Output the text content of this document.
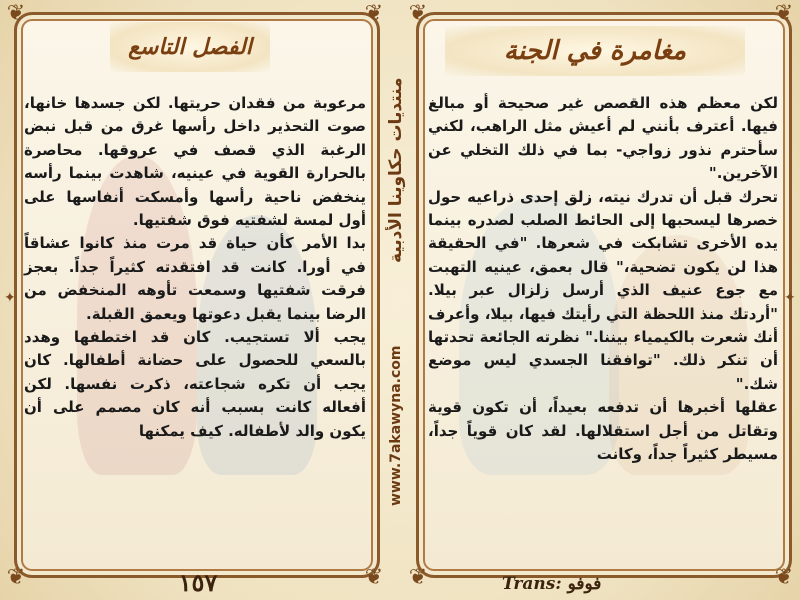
❦	❦
❦	❦
❦	❦
❦	❦
✦	✦
الفصل التاسع	مغامرة في الجنة

مرعوبة من فقدان حريتها. لكن جسدها خانها، صوت التحذير داخل رأسها غرق من قبل نبض الرغبة الذي قصف في عروقها. محاصرة بالحرارة القوية في عينيه، شاهدت بينما رأسه ينخفض ناحية رأسها وأمسكت أنفاسها على أول لمسة لشفتيه فوق شفتيها.

بدا الأمر كأن حياة قد مرت منذ كانوا عشاقاً في أورا. كانت قد افتقدته كثيراً جداً. بعجز فرقت شفتيها وسمعت تأوهه المنخفض من الرضا بينما يقبل دعوتها ويعمق القبلة.

يجب ألا تستجيب. كان قد اختطفها وهدد بالسعي للحصول على حضانة أطفالها. كان يجب أن تكره شجاعته، ذكرت نفسها. لكن أفعاله كانت بسبب أنه كان مصمم على أن يكون والد لأطفاله. كيف يمكنها

لكن معظم هذه القصص غير صحيحة أو مبالغ فيها. أعترف بأنني لم أعيش مثل الراهب، لكني سأحترم نذور زواجي- بما في ذلك التخلي عن الآخرين."

تحرك قبل أن تدرك نيته، زلق إحدى ذراعيه حول خصرها ليسحبها إلى الحائط الصلب لصدره بينما يده الأخرى تشابكت في شعرها. "في الحقيقة هذا لن يكون تضحية،" قال بعمق، عينيه التهبت مع جوع عنيف الذي أرسل زلزال عبر بيلا. "أردتك منذ اللحظة التي رأيتك فيها، بيلا، وأعرف أنك شعرت بالكيمياء بيننا." نظرته الجائعة تحدتها أن تنكر ذلك. "توافقنا الجسدي ليس موضع شك."

عقلها أخبرها أن تدفعه بعيداً، أن تكون قوية وتقاتل من أجل استقلالها. لقد كان قوياً جداً، مسيطر كثيراً جداً، وكانت

منتديات حكاوينا الأدبية
www.7akawyna.com
١٥٧	Trans: فوفو
